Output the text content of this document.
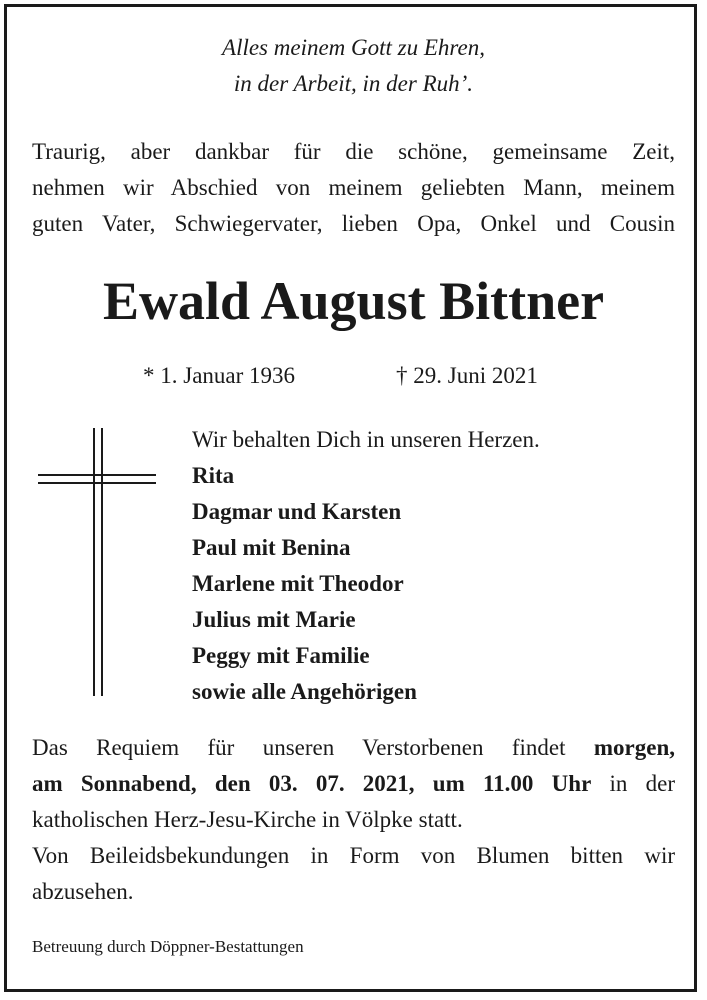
Alles meinem Gott zu Ehren,
in der Arbeit, in der Ruh’.
Traurig, aber dankbar für die schöne, gemeinsame Zeit,
nehmen wir Abschied von meinem geliebten Mann, meinem
guten Vater, Schwiegervater, lieben Opa, Onkel und Cousin
Ewald August Bittner
* 1. Januar 1936	† 29. Juni 2021
Wir behalten Dich in unseren Herzen.
Rita
Dagmar und Karsten
Paul mit Benina
Marlene mit Theodor
Julius mit Marie
Peggy mit Familie
sowie alle Angehörigen
Das Requiem für unseren Verstorbenen findet morgen,
am Sonnabend, den 03. 07. 2021, um 11.00 Uhr in der
katholischen Herz-Jesu-Kirche in Völpke statt.
Von Beileidsbekundungen in Form von Blumen bitten wir
abzusehen.
Betreuung durch Döppner-Bestattungen
